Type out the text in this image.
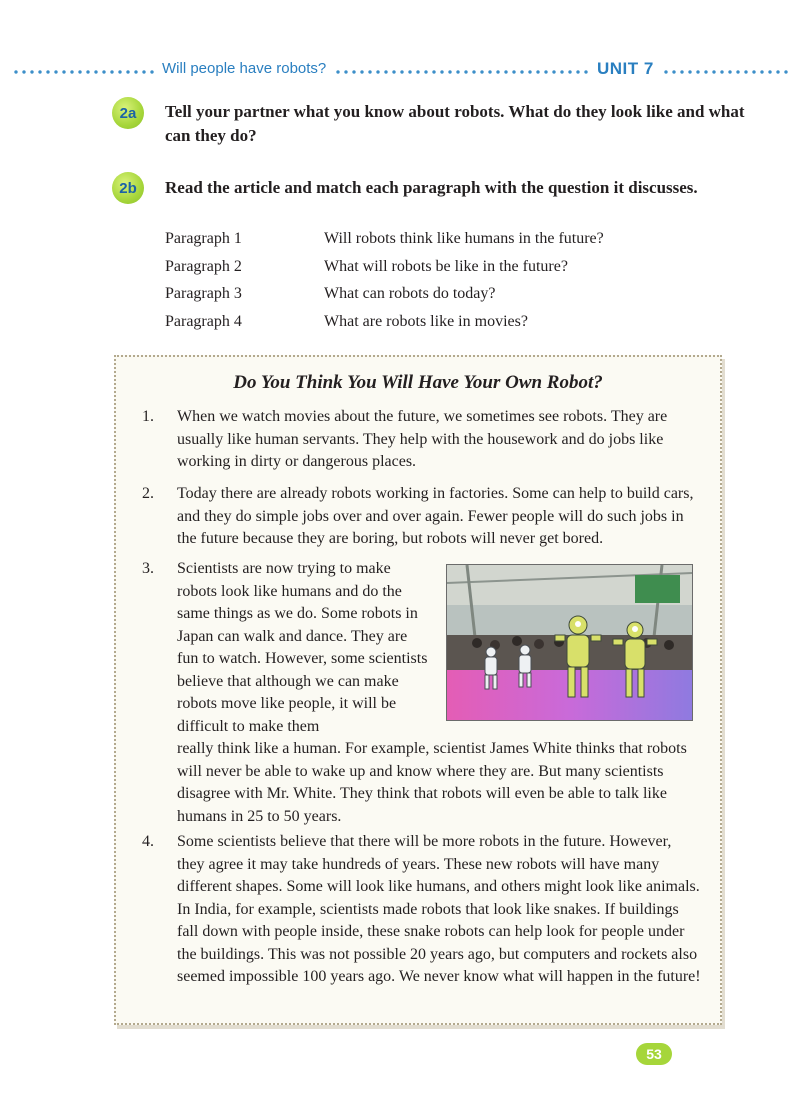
Will people have robots?	UNIT 7
2a	Tell your partner what you know about robots. What do they look like and what can they do?
2b	Read the article and match each paragraph with the question it discusses.
Paragraph 1	Will robots think like humans in the future?
Paragraph 2	What will robots be like in the future?
Paragraph 3	What can robots do today?
Paragraph 4	What are robots like in movies?
Do You Think You Will Have Your Own Robot?
1.	When we watch movies about the future, we sometimes see robots. They are usually like human servants. They help with the housework and do jobs like working in dirty or dangerous places.
2.	Today there are already robots working in factories. Some can help to build cars, and they do simple jobs over and over again. Fewer people will do such jobs in the future because they are boring, but robots will never get bored.
3.	Scientists are now trying to make robots look like humans and do the same things as we do. Some robots in Japan can walk and dance. They are fun to watch. However, some scientists believe that although we can make robots move like people, it will be difficult to make them
really think like a human. For example, scientist James White thinks that robots will never be able to wake up and know where they are. But many scientists disagree with Mr. White. They think that robots will even be able to talk like humans in 25 to 50 years.
4.	Some scientists believe that there will be more robots in the future. However, they agree it may take hundreds of years. These new robots will have many different shapes. Some will look like humans, and others might look like animals. In India, for example, scientists made robots that look like snakes. If buildings fall down with people inside, these snake robots can help look for people under the buildings. This was not possible 20 years ago, but computers and rockets also seemed impossible 100 years ago. We never know what will happen in the future!
53
